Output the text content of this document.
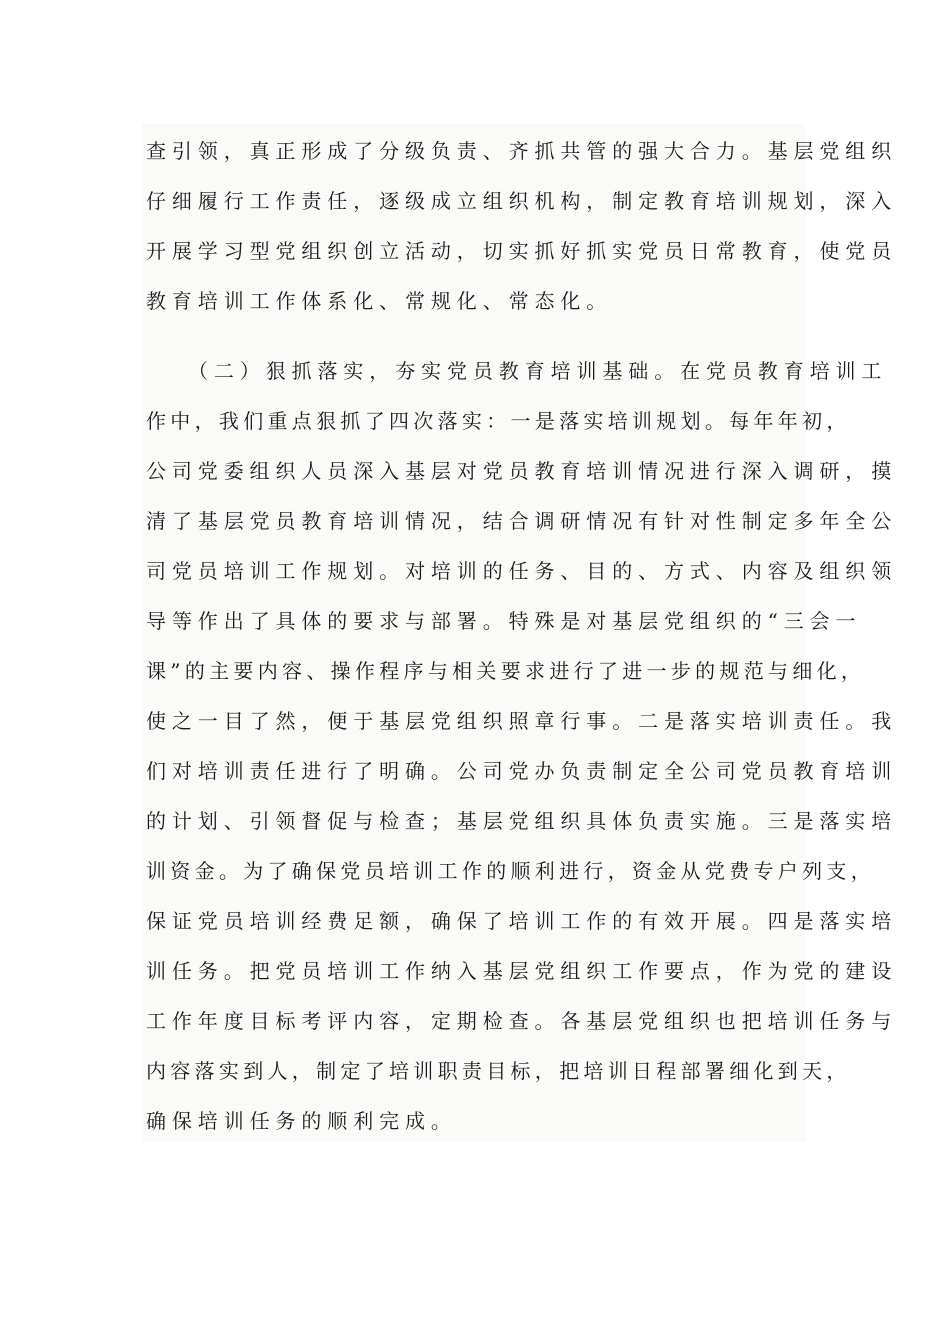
查引领，真正形成了分级负责、齐抓共管的强大合力。基层党组织
仔细履行工作责任，逐级成立组织机构，制定教育培训规划，深入
开展学习型党组织创立活动，切实抓好抓实党员日常教育，使党员
教育培训工作体系化、常规化、常态化。
（二）狠抓落实，夯实党员教育培训基础。在党员教育培训工
作中，我们重点狠抓了四次落实：一是落实培训规划。每年年初，
公司党委组织人员深入基层对党员教育培训情况进行深入调研，摸
清了基层党员教育培训情况，结合调研情况有针对性制定多年全公
司党员培训工作规划。对培训的任务、目的、方式、内容及组织领
导等作出了具体的要求与部署。特殊是对基层党组织的“三会一
课”的主要内容、操作程序与相关要求进行了进一步的规范与细化，
使之一目了然，便于基层党组织照章行事。二是落实培训责任。我
们对培训责任进行了明确。公司党办负责制定全公司党员教育培训
的计划、引领督促与检查；基层党组织具体负责实施。三是落实培
训资金。为了确保党员培训工作的顺利进行，资金从党费专户列支，
保证党员培训经费足额，确保了培训工作的有效开展。四是落实培
训任务。把党员培训工作纳入基层党组织工作要点，作为党的建设
工作年度目标考评内容，定期检查。各基层党组织也把培训任务与
内容落实到人，制定了培训职责目标，把培训日程部署细化到天，
确保培训任务的顺利完成。
